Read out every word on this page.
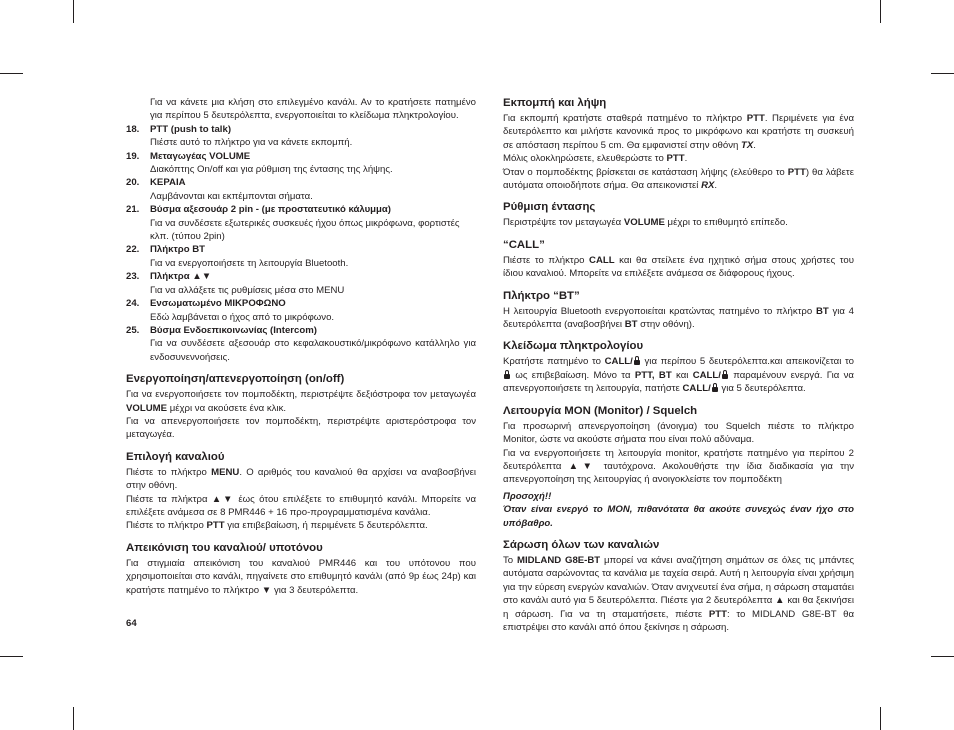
Για να κάνετε μια κλήση στο επιλεγμένο κανάλι. Αν το κρατήσετε πατημένο για περίπου 5 δευτερόλεπτα, ενεργοποιείται το κλείδωμα πληκτρολογίου.

18.	PTT (push to talk)

Πιέστε αυτό το πλήκτρο για να κάνετε εκπομπή.

19.	Μεταγωγέας VOLUME

Διακόπτης On/off και για ρύθμιση της έντασης της λήψης.

20.	ΚΕΡΑΙΑ

Λαμβάνονται και εκπέμπονται σήματα.

21.	Βύσμα αξεσουάρ 2 pin - (με προστατευτικό κάλυμμα)

Για να συνδέσετε εξωτερικές συσκευές ήχου όπως μικρόφωνα, φορτιστές κλπ. (τύπου 2pin)

22.	Πλήκτρο BT

Για να ενεργοποιήσετε τη λειτουργία Bluetooth.

23.	Πλήκτρα ▲▼

Για να αλλάξετε τις ρυθμίσεις μέσα στο MENU

24.	Ενσωματωμένο ΜΙΚΡΟΦΩΝΟ

Εδώ λαμβάνεται ο ήχος από το μικρόφωνο.

25.	Βύσμα Ενδοεπικοινωνίας (Intercom)

Για να συνδέσετε αξεσουάρ στο κεφαλακουστικό/μικρόφωνο κατάλληλο για ενδοσυνεννοήσεις.

Ενεργοποίηση/απενεργοποίηση (on/off)

Για να ενεργοποιήσετε τον πομποδέκτη, περιστρέψτε δεξιόστροφα τον μεταγωγέα VOLUME μέχρι να ακούσετε ένα κλικ.

Για να απενεργοποιήσετε τον πομποδέκτη, περιστρέψτε αριστερόστροφα τον μεταγωγέα.

Επιλογή καναλιού

Πιέστε το πλήκτρο MENU. Ο αριθμός του καναλιού θα αρχίσει να αναβοσβήνει στην οθόνη.

Πιέστε τα πλήκτρα ▲▼ έως ότου επιλέξετε το επιθυμητό κανάλι. Μπορείτε να επιλέξετε ανάμεσα σε 8 PMR446 + 16 προ-προγραμματισμένα κανάλια.

Πιέστε το πλήκτρο PTT για επιβεβαίωση, ή περιμένετε 5 δευτερόλεπτα.

Απεικόνιση του καναλιού/ υποτόνου

Για στιγμιαία απεικόνιση του καναλιού PMR446 και του υπότονου που χρησιμοποιείται στο κανάλι, πηγαίνετε στο επιθυμητό κανάλι (από 9p έως 24p) και κρατήστε πατημένο το πλήκτρο ▼ για 3 δευτερόλεπτα.

64
Εκπομπή και λήψη

Για εκπομπή κρατήστε σταθερά πατημένο το πλήκτρο PTT. Περιμένετε για ένα δευτερόλεπτο και μιλήστε κανονικά προς το μικρόφωνο και κρατήστε τη συσκευή σε απόσταση περίπου 5 cm. Θα εμφανιστεί στην οθόνη TX.

Μόλις ολοκληρώσετε, ελευθερώστε το PTT.

Όταν ο πομποδέκτης βρίσκεται σε κατάσταση λήψης (ελεύθερο το PTT) θα λάβετε αυτόματα οποιοδήποτε σήμα. Θα απεικονιστεί RX.

Ρύθμιση έντασης

Περιστρέψτε τον μεταγωγέα VOLUME μέχρι το επιθυμητό επίπεδο.

“CALL”

Πιέστε το πλήκτρο CALL και θα στείλετε ένα ηχητικό σήμα στους χρήστες του ίδιου καναλιού. Μπορείτε να επιλέξετε ανάμεσα σε διάφορους ήχους.

Πλήκτρο “BT”

Η λειτουργία Bluetooth ενεργοποιείται κρατώντας πατημένο το πλήκτρο BT για 4 δευτερόλεπτα (αναβοσβήνει BT στην οθόνη).

Κλείδωμα πληκτρολογίου

Κρατήστε πατημένο το CALL/ για περίπου 5 δευτερόλεπτα.και απεικονίζεται το  ως επιβεβαίωση. Μόνο τα PTT, BT και CALL/ παραμένουν ενεργά. Για να απενεργοποιήσετε τη λειτουργία, πατήστε CALL/ για 5 δευτερόλεπτα.

Λειτουργία MON (Monitor) / Squelch

Για προσωρινή απενεργοποίηση (άνοιγμα) του Squelch πιέστε το πλήκτρο Monitor, ώστε να ακούστε σήματα που είναι πολύ αδύναμα.

Για να ενεργοποιήσετε τη λειτουργία monitor, κρατήστε πατημένο για περίπου 2 δευτερόλεπτα ▲▼ ταυτόχρονα. Ακολουθήστε την ίδια διαδικασία για την απενεργοποίηση της λειτουργίας ή ανοιγοκλείστε τον πομποδέκτη

Προσοχή!!

Όταν είναι ενεργό το MON, πιθανότατα θα ακούτε συνεχώς έναν ήχο στο υπόβαθρο.

Σάρωση όλων των καναλιών

Το MIDLAND G8E-BT μπορεί να κάνει αναζήτηση σημάτων σε όλες τις μπάντες αυτόματα σαρώνοντας τα κανάλια με ταχεία σειρά. Αυτή η λειτουργία είναι χρήσιμη για την εύρεση ενεργών καναλιών. Όταν ανιχνευτεί ένα σήμα, η σάρωση σταματάει στο κανάλι αυτό για 5 δευτερόλεπτα. Πιέστε για 2 δευτερόλεπτα ▲ και θα ξεκινήσει η σάρωση. Για να τη σταματήσετε, πιέστε PTT: το MIDLAND G8E-BT θα επιστρέψει στο κανάλι από όπου ξεκίνησε η σάρωση.
